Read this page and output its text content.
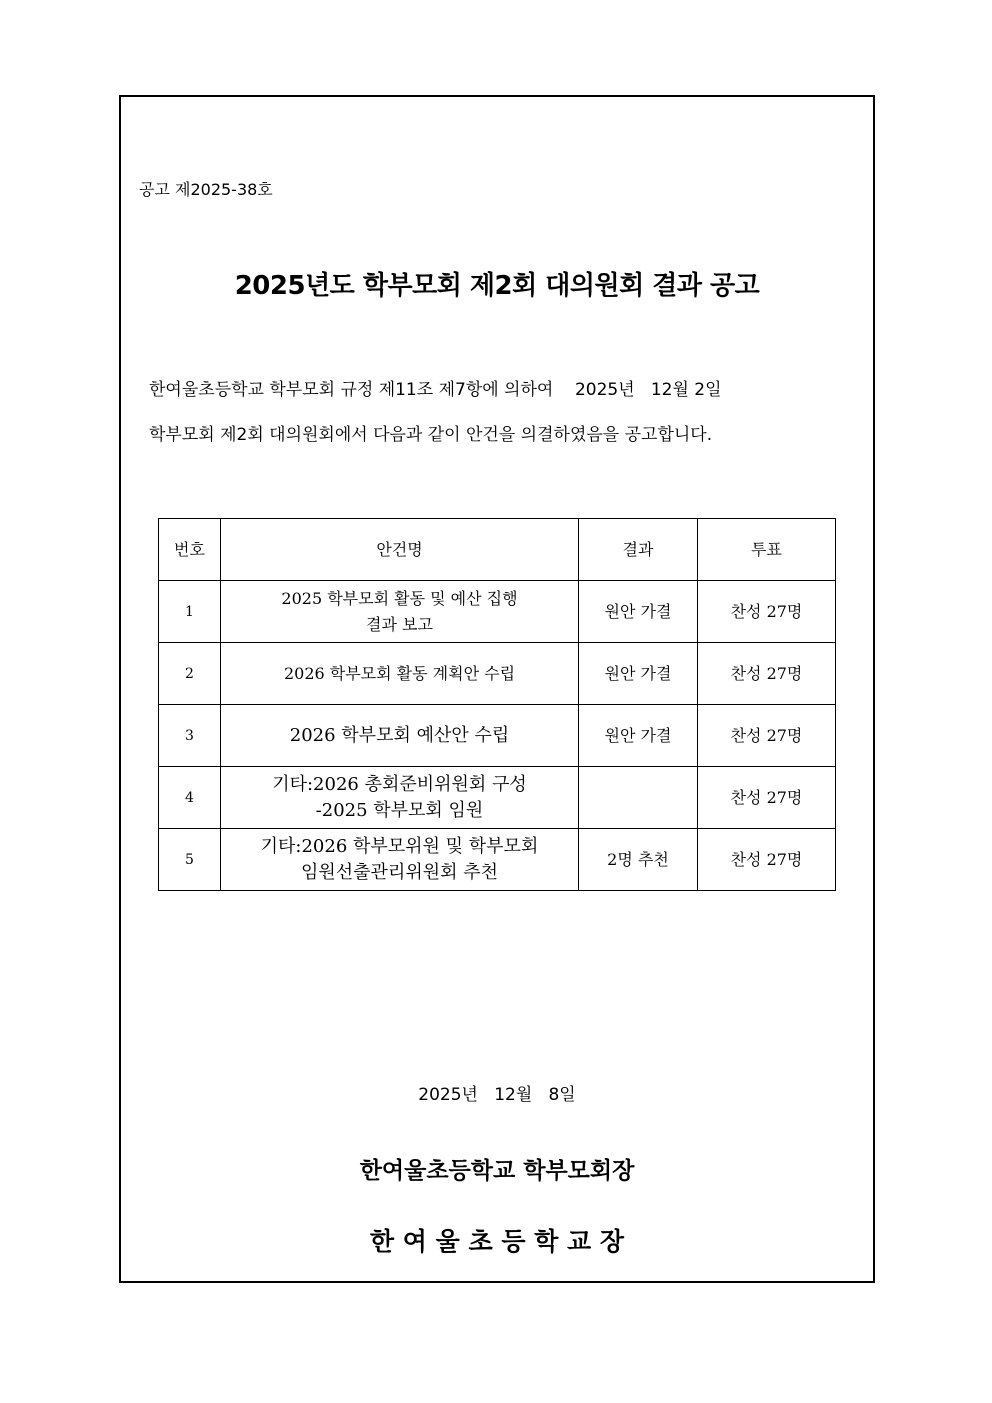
공고 제2025-38호
2025년도 학부모회 제2회 대의원회 결과 공고
한여울초등학교 학부모회 규정 제11조 제7항에 의하여    2025년   12월 2일
학부모회 제2회 대의원회에서 다음과 같이 안건을 의결하였음을 공고합니다.
번호	안건명	결과	투표
1	2025 학부모회 활동 및 예산 집행
결과 보고	원안 가결	찬성 27명
2	2026 학부모회 활동 계획안 수립	원안 가결	찬성 27명
3	2026 학부모회 예산안 수립	원안 가결	찬성 27명
4	기타:2026 총회준비위원회 구성
-2025 학부모회 임원		찬성 27명
5	기타:2026 학부모위원 및 학부모회
임원선출관리위원회 추천	2명 추천	찬성 27명
2025년   12월   8일
한여울초등학교 학부모회장
한 여 울 초 등 학 교 장
